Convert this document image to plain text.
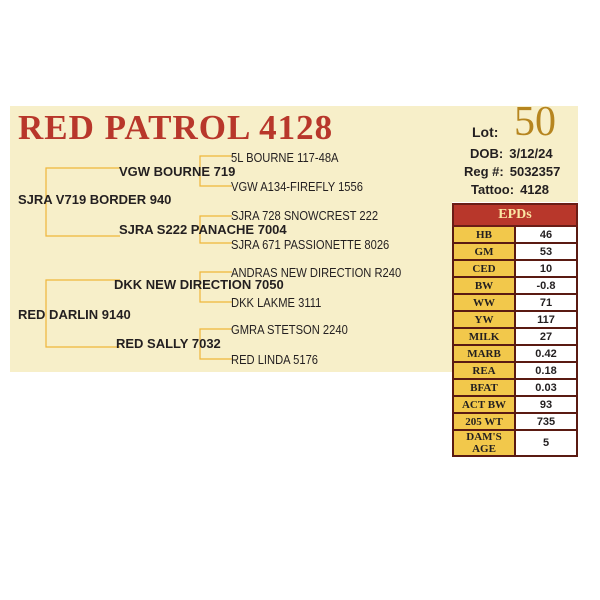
RED PATROL 4128	Lot: 50
DOB: 3/12/24
Reg #: 5032357
Tattoo: 4128
SJRA V719 BORDER 940
VGW BOURNE 719
5L BOURNE 117-48A
VGW A134-FIREFLY 1556
SJRA S222 PANACHE 7004
SJRA 728 SNOWCREST 222
SJRA 671 PASSIONETTE 8026
RED DARLIN 9140
DKK NEW DIRECTION 7050
ANDRAS NEW DIRECTION R240
DKK LAKME 3111
RED SALLY 7032
GMRA STETSON 2240
RED LINDA 5176
EPDs	
HB	46
GM	53
CED	10
BW	-0.8
WW	71
YW	117
MILK	27
MARB	0.42
REA	0.18
BFAT	0.03
ACT BW	93
205 WT	735
DAM'S AGE	5
